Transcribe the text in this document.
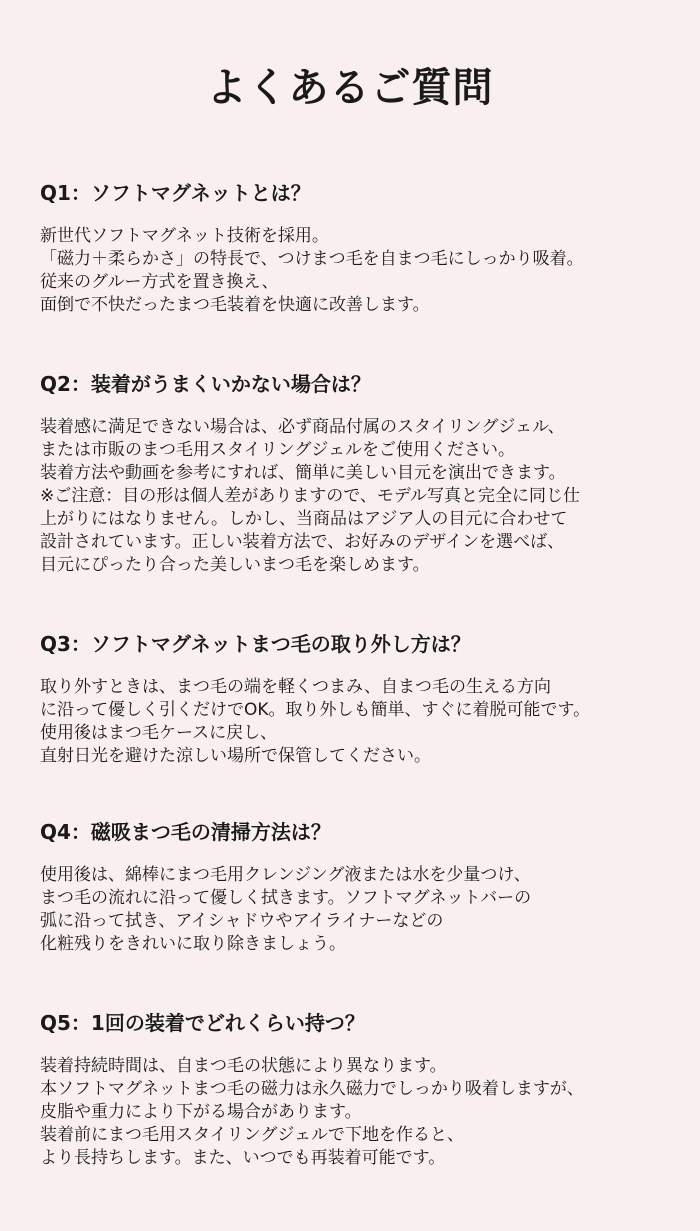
よくあるご質問
Q1：ソフトマグネットとは？
新世代ソフトマグネット技術を採用。
「磁力＋柔らかさ」の特長で、つけまつ毛を自まつ毛にしっかり吸着。
従来のグルー方式を置き換え、
面倒で不快だったまつ毛装着を快適に改善します。
Q2：装着がうまくいかない場合は？
装着感に満足できない場合は、必ず商品付属のスタイリングジェル、
または市販のまつ毛用スタイリングジェルをご使用ください。
装着方法や動画を参考にすれば、簡単に美しい目元を演出できます。
※ご注意：目の形は個人差がありますので、モデル写真と完全に同じ仕
上がりにはなりません。しかし、当商品はアジア人の目元に合わせて
設計されています。正しい装着方法で、お好みのデザインを選べば、
目元にぴったり合った美しいまつ毛を楽しめます。
Q3：ソフトマグネットまつ毛の取り外し方は？
取り外すときは、まつ毛の端を軽くつまみ、自まつ毛の生える方向
に沿って優しく引くだけでOK。取り外しも簡単、すぐに着脱可能です。
使用後はまつ毛ケースに戻し、
直射日光を避けた涼しい場所で保管してください。
Q4：磁吸まつ毛の清掃方法は？
使用後は、綿棒にまつ毛用クレンジング液または水を少量つけ、
まつ毛の流れに沿って優しく拭きます。ソフトマグネットバーの
弧に沿って拭き、アイシャドウやアイライナーなどの
化粧残りをきれいに取り除きましょう。
Q5：1回の装着でどれくらい持つ？
装着持続時間は、自まつ毛の状態により異なります。
本ソフトマグネットまつ毛の磁力は永久磁力でしっかり吸着しますが、
皮脂や重力により下がる場合があります。
装着前にまつ毛用スタイリングジェルで下地を作ると、
より長持ちします。また、いつでも再装着可能です。
